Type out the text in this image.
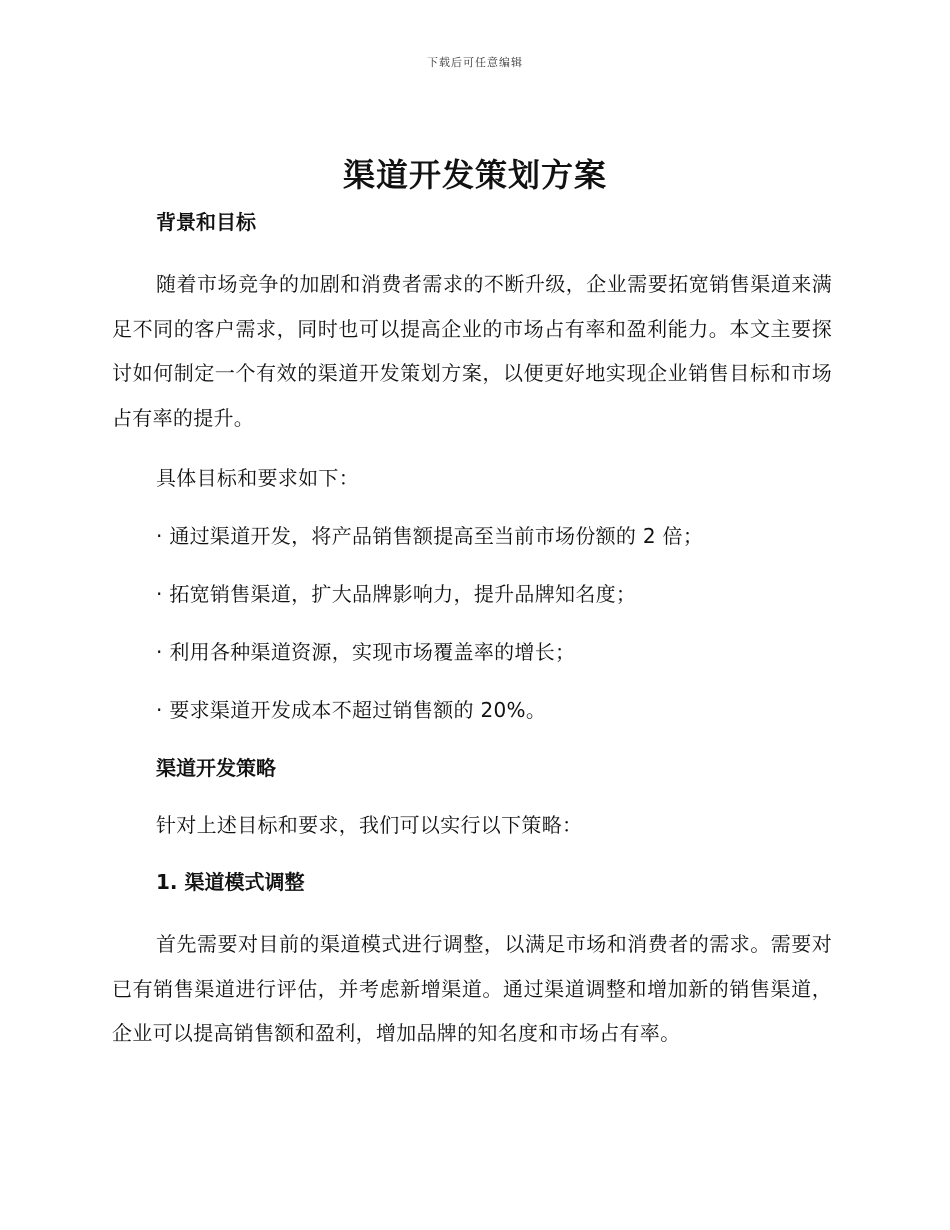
下载后可任意编辑
渠道开发策划方案
背景和目标

随着市场竞争的加剧和消费者需求的不断升级，企业需要拓宽销售渠道来满足不同的客户需求，同时也可以提高企业的市场占有率和盈利能力。本文主要探讨如何制定一个有效的渠道开发策划方案，以便更好地实现企业销售目标和市场占有率的提升。

具体目标和要求如下：
· 通过渠道开发，将产品销售额提高至当前市场份额的 2 倍；
· 拓宽销售渠道，扩大品牌影响力，提升品牌知名度；
· 利用各种渠道资源，实现市场覆盖率的增长；
· 要求渠道开发成本不超过销售额的 20%。
渠道开发策略
针对上述目标和要求，我们可以实行以下策略：
1. 渠道模式调整

首先需要对目前的渠道模式进行调整，以满足市场和消费者的需求。需要对已有销售渠道进行评估，并考虑新增渠道。通过渠道调整和增加新的销售渠道，企业可以提高销售额和盈利，增加品牌的知名度和市场占有率。
